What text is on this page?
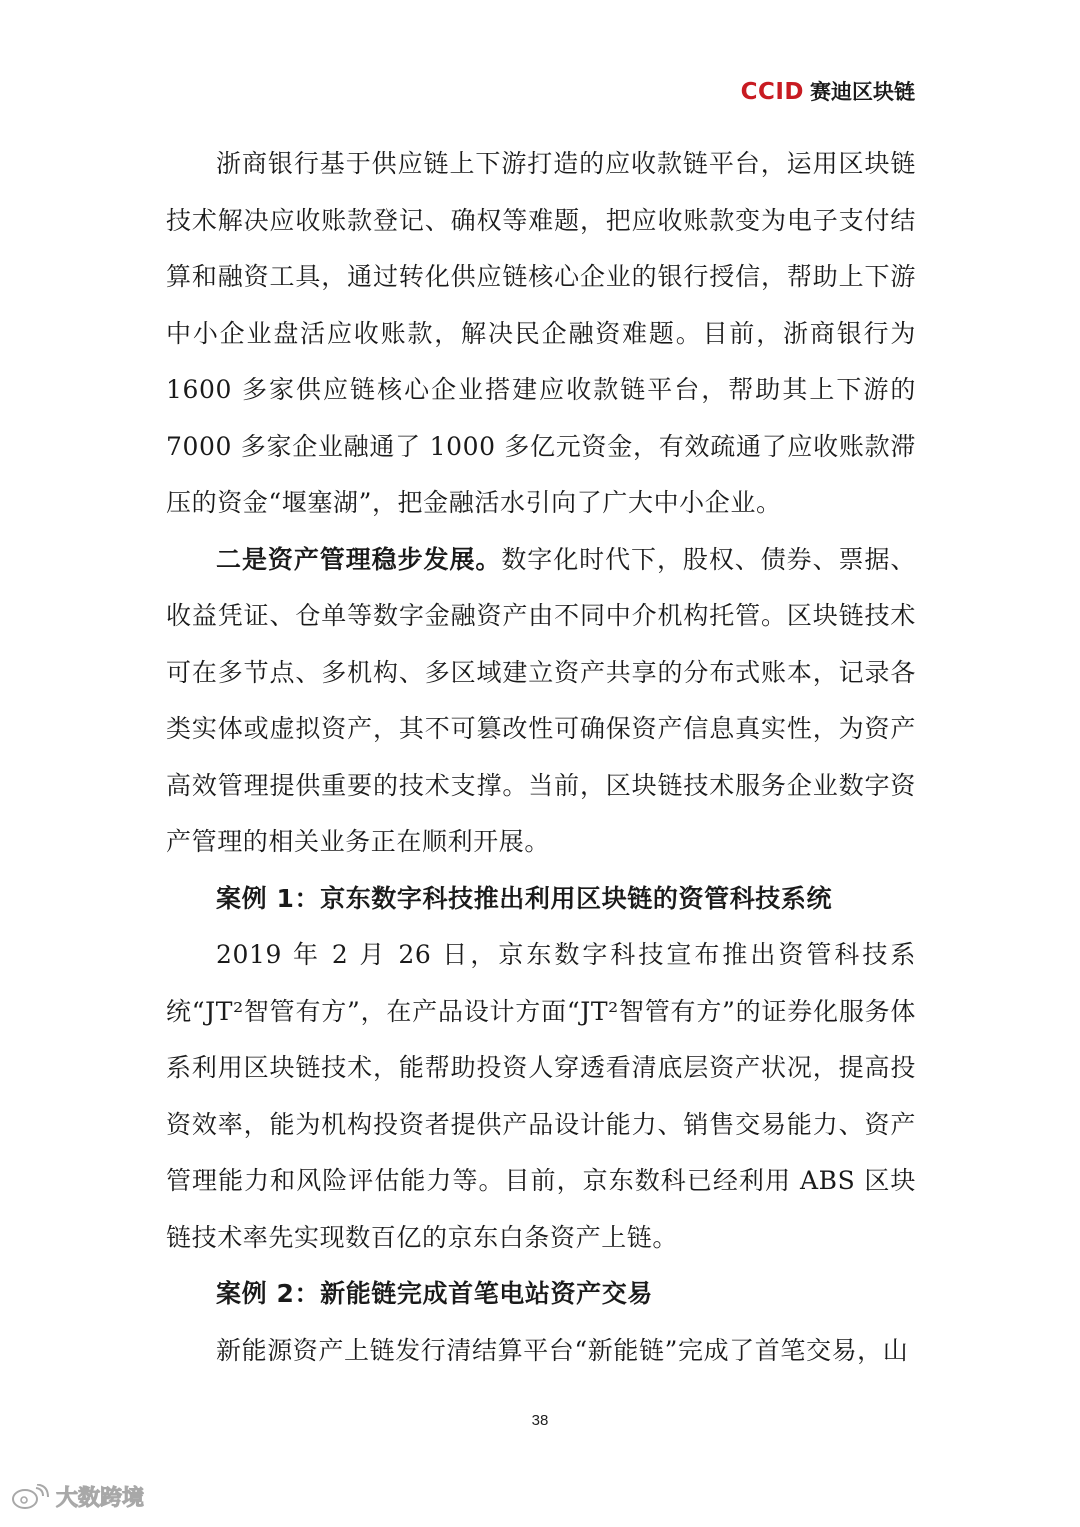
CCID 赛迪区块链

浙商银行基于供应链上下游打造的应收款链平台，运用区块链技术解决应收账款登记、确权等难题，把应收账款变为电子支付结算和融资工具，通过转化供应链核心企业的银行授信，帮助上下游中小企业盘活应收账款，解决民企融资难题。目前，浙商银行为 1600 多家供应链核心企业搭建应收款链平台，帮助其上下游的 7000 多家企业融通了 1000 多亿元资金，有效疏通了应收账款滞压的资金“堰塞湖”，把金融活水引向了广大中小企业。

二是资产管理稳步发展。数字化时代下，股权、债券、票据、收益凭证、仓单等数字金融资产由不同中介机构托管。区块链技术可在多节点、多机构、多区域建立资产共享的分布式账本，记录各类实体或虚拟资产，其不可篡改性可确保资产信息真实性，为资产高效管理提供重要的技术支撑。当前，区块链技术服务企业数字资产管理的相关业务正在顺利开展。

案例 1：京东数字科技推出利用区块链的资管科技系统

2019 年 2 月 26 日，京东数字科技宣布推出资管科技系统“JT²智管有方”，在产品设计方面“JT²智管有方”的证券化服务体系利用区块链技术，能帮助投资人穿透看清底层资产状况，提高投资效率，能为机构投资者提供产品设计能力、销售交易能力、资产管理能力和风险评估能力等。目前，京东数科已经利用 ABS 区块链技术率先实现数百亿的京东白条资产上链。

案例 2：新能链完成首笔电站资产交易

新能源资产上链发行清结算平台“新能链”完成了首笔交易，山

38
大数跨境
